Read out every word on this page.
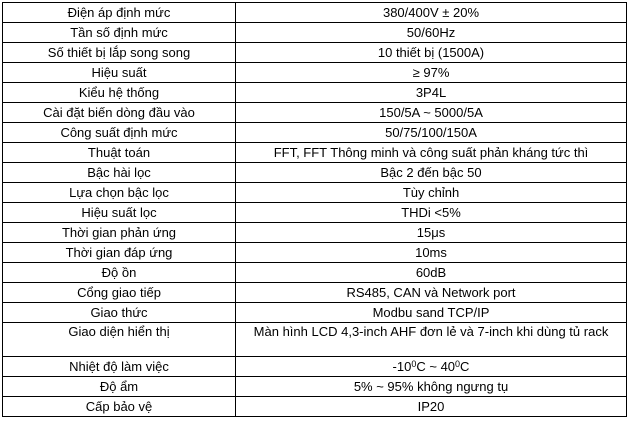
Điện áp định mức	380/400V ± 20%
Tần số định mức	50/60Hz
Số thiết bị lắp song song	10 thiết bị (1500A)
Hiệu suất	≥ 97%
Kiểu hệ thống	3P4L
Cài đặt biến dòng đầu vào	150/5A ~ 5000/5A
Công suất định mức	50/75/100/150A
Thuật toán	FFT, FFT Thông minh và công suất phản kháng tức thì
Bậc hài lọc	Bậc 2 đến bậc 50
Lựa chọn bậc lọc	Tùy chỉnh
Hiệu suất lọc	THDi <5%
Thời gian phản ứng	15μs
Thời gian đáp ứng	10ms
Độ ồn	60dB
Cổng giao tiếp	RS485, CAN và Network port
Giao thức	Modbu sand TCP/IP
Giao diện hiển thị	Màn hình LCD 4,3-inch AHF đơn lẻ và 7-inch khi dùng tủ rack
Nhiệt độ làm việc	$-10^0C$ ~ $40^0C$
Độ ẩm	5% ~ 95% không ngưng tụ
Cấp bảo vệ	IP20
